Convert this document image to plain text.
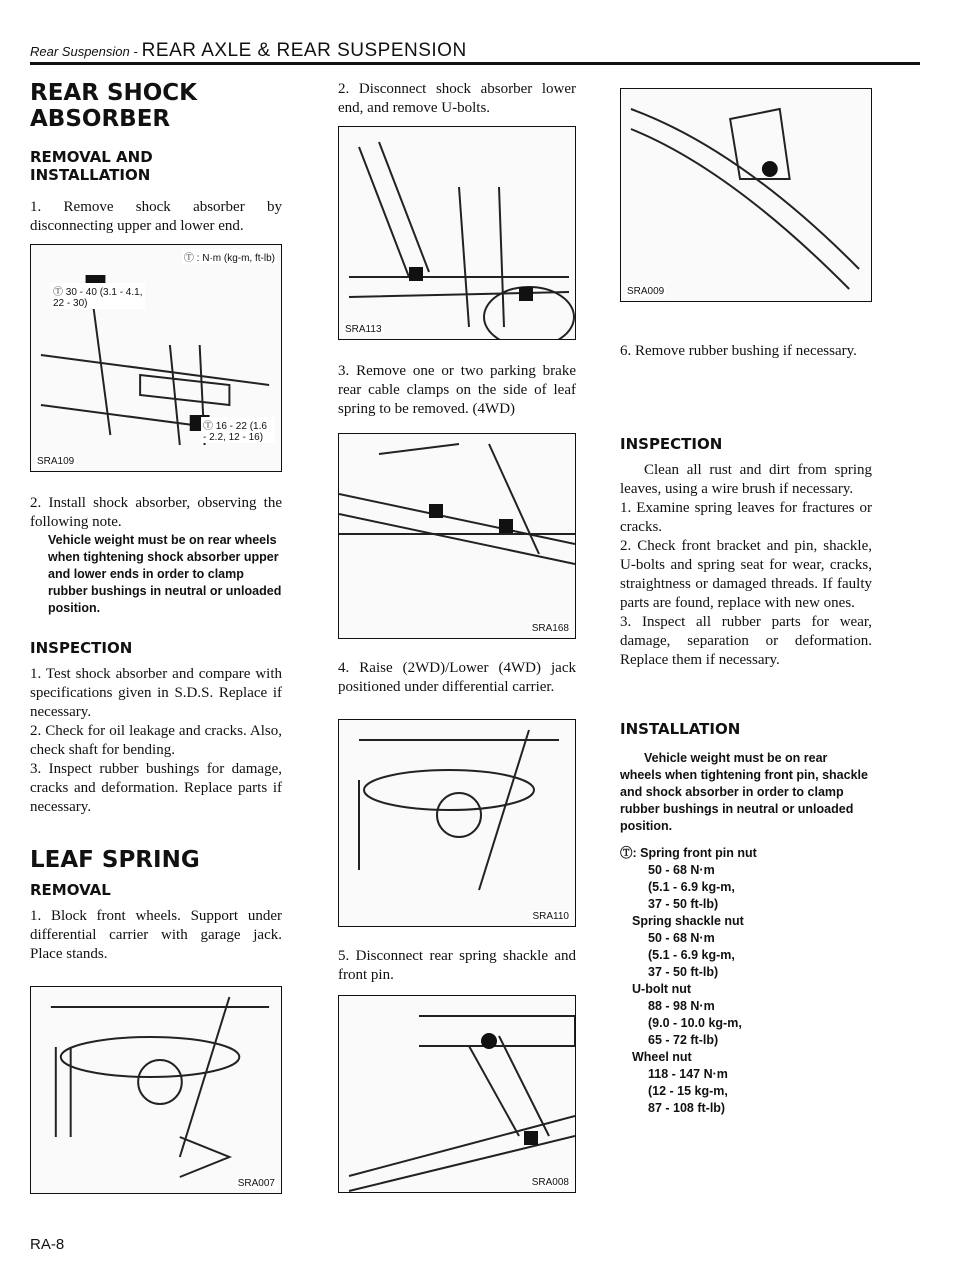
Rear Suspension - REAR AXLE & REAR SUSPENSION
REAR SHOCK ABSORBER
REMOVAL AND INSTALLATION

1. Remove shock absorber by disconnecting upper and lower end.

Ⓣ : N·m (kg-m, ft-lb)
Ⓣ 30 - 40 (3.1 - 4.1, 22 - 30)
Ⓣ 16 - 22 (1.6 - 2.2, 12 - 16)
SRA109

2. Install shock absorber, observing the following note.

Vehicle weight must be on rear wheels when tightening shock absorber upper and lower ends in order to clamp rubber bushings in neutral or unloaded position.
INSPECTION

1. Test shock absorber and compare with specifications given in S.D.S. Replace if necessary.

2. Check for oil leakage and cracks. Also, check shaft for bending.

3. Inspect rubber bushings for damage, cracks and deformation. Replace parts if necessary.

LEAF SPRING
REMOVAL

1. Block front wheels. Support under differential carrier with garage jack. Place stands.

SRA007

2. Disconnect shock absorber lower end, and remove U-bolts.

SRA113

3. Remove one or two parking brake rear cable clamps on the side of leaf spring to be removed. (4WD)

SRA168

4. Raise (2WD)/Lower (4WD) jack positioned under differential carrier.

SRA110

5. Disconnect rear spring shackle and front pin.

SRA008
SRA009

6. Remove rubber bushing if necessary.

INSPECTION

Clean all rust and dirt from spring leaves, using a wire brush if necessary.

1. Examine spring leaves for fractures or cracks.

2. Check front bracket and pin, shackle, U-bolts and spring seat for wear, cracks, straightness or damaged threads. If faulty parts are found, replace with new ones.

3. Inspect all rubber parts for wear, damage, separation or deformation. Replace them if necessary.

INSTALLATION
Vehicle weight must be on rear wheels when tightening front pin, shackle and shock absorber in order to clamp rubber bushings in neutral or unloaded position.
Ⓣ: Spring front pin nut
50 - 68 N·m
(5.1 - 6.9 kg-m,
37 - 50 ft-lb)
Spring shackle nut
50 - 68 N·m
(5.1 - 6.9 kg-m,
37 - 50 ft-lb)
U-bolt nut
88 - 98 N·m
(9.0 - 10.0 kg-m,
65 - 72 ft-lb)
Wheel nut
118 - 147 N·m
(12 - 15 kg-m,
87 - 108 ft-lb)
RA-8
